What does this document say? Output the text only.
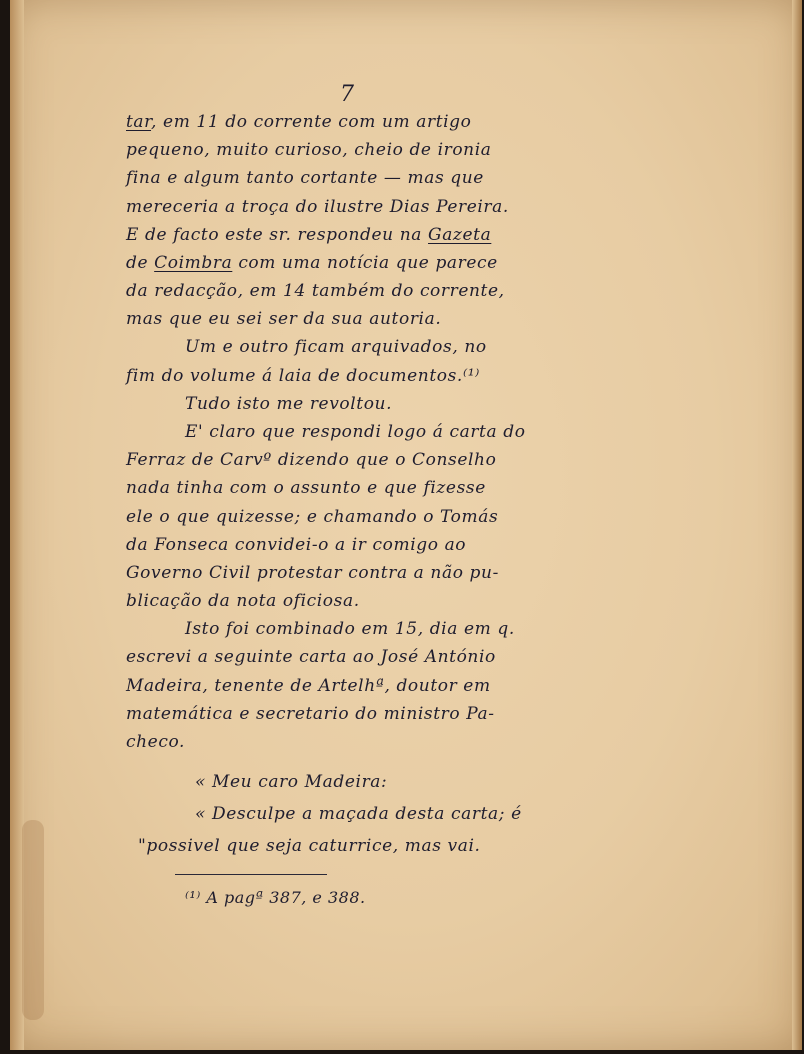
7
tar, em 11 do corrente com um artigo
pequeno, muito curioso, cheio de ironia
fina e algum tanto cortante — mas que
mereceria a troça do ilustre Dias Pereira.
E de facto este sr. respondeu na Gazeta
de Coimbra com uma notícia que parece
da redacção, em 14 também do corrente,
mas que eu sei ser da sua autoria.
Um e outro ficam arquivados, no
fim do volume á laia de documentos.⁽¹⁾
Tudo isto me revoltou.
E' claro que respondi logo á carta do
Ferraz de Carvº dizendo que o Conselho
nada tinha com o assunto e que fizesse
ele o que quizesse; e chamando o Tomás
da Fonseca convidei-o a ir comigo ao
Governo Civil protestar contra a não pu-
blicação da nota oficiosa.
Isto foi combinado em 15, dia em q.
escrevi a seguinte carta ao José António
Madeira, tenente de Artelhª, doutor em
matemática e secretario do ministro Pa-
checo.
« Meu caro Madeira:
« Desculpe a maçada desta carta; é
"possivel que seja caturrice, mas vai.
⁽¹⁾ A pagª 387, e 388.
